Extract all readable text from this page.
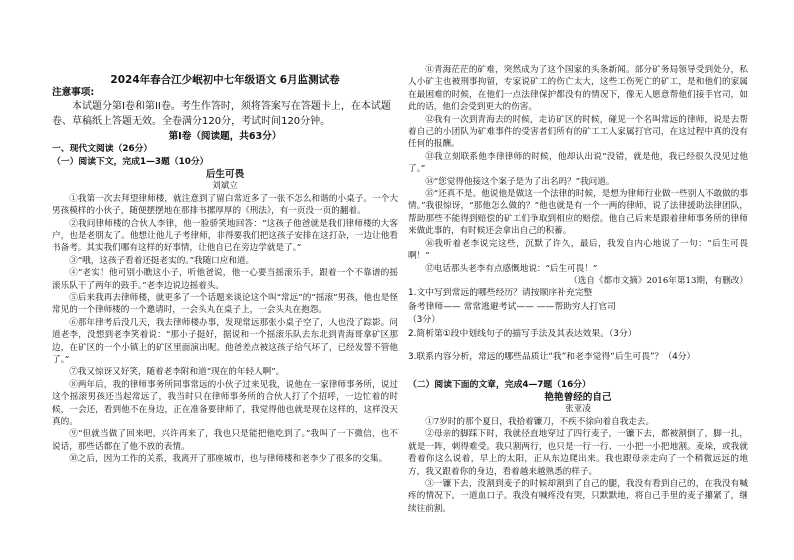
2024年春合江少岷初中七年级语文 6月监测试卷
注意事项:
本试题分第I卷和第II卷。考生作答时，须将答案写在答题卡上，在本试题卷、草稿纸上答题无效。全卷满分120分，考试时间120分钟。
第I卷（阅读题，共63分）
一、现代文阅读（26分）
（一）阅读下文，完成1—3题（10分）
后生可畏
刘斌立
①我第一次去拜望律师楼，就注意到了留白常近多了一张不怎么和谐的小桌子。一个大男孩模样的小伙子，随便摆摆地在那排书摞厚厚的《刑法》，有一页没一页的翻着。
②我问律师楼的合伙人李律，他一脸骄笑地回答：“这孩子他爸就是我们律师楼的大客户，也是老朋友了。他想让他儿子考律师，非得要我们把这孩子安排在这打杂，一边让他看书备考。其实我们哪有这样的好事情，让他自已在旁边学就是了。”
③“哦，这孩子看着还挺老实的。”我随口应和道。
④“老实！他可别小瞧这小子，听他爸说，他一心要当摇滚乐手，跟着一个不靠谱的摇滚乐队干了两年的鼓手。”老李边说边摇着头。
⑤后来我再去律师楼，就更多了一个话题来谈论这个叫“常远”的“摇滚”男孩，他也是怪常见的一个律师楼的一个邀请时，一会头丸在桌子上，一会头丸在抱怨。
⑥那年律考后没几天，我去律师楼办事，发现常远那张小桌子空了，人也没了踪影。问道老李，没想到老李笑着说：“那小子挺好，据说和一个摇滚乐队去东北到青海哥拿矿区那边，在矿区的一个小镇上的矿区里面演出呢。他爸差点被这孩子给气坏了，已经发誓不管他了。”
⑦我又惊讶又好笑，随着老李附和道“现在的年轻人啊”。
⑧两年后，我的律师事务所同事常远的小伙子过来见我，说他在一家律师事务所，说过这个摇滚男孩还当起常远了，我当时只在律师事务所的合伙人打了个招呼，一边忙着的时候，一会还，看到他不在身边，正在准备要律师了，我觉得他也就是现在这样的，这样没天真的。
⑨“但就当做了回来吧，兴许再来了，我也只是能把他吃到了。”我叫了一下微信，也不说话，那些话都在了他不放的表情。
⑩之后，因为工作的关系，我离开了那座城市，也与律师楼和老李少了很多的交集。
⑪青海茫茫的矿难，突然成为了这个国家的头条新闻。部分矿务局领导受到处分，私人小矿主也被刑事拘留，专家说矿工的伤亡太大，这些工伤死亡的矿工，是和他们的家属在最困难的时候，在他们一点法律保护都没有的情况下，像无人愿意帮他们接手官司，如此的话，他们会受到更大的伤害。
⑫我有一次到青海去的时候，走访矿区的时候，碰见一个名叫常远的律师，说是去帮着自己的小团队为矿难事件的受害者们所有的矿工工人家属打官司，在这过程中真的没有任何的报酬。
⑬我立刻联系他李律律师的时候，他却认出说“没错，就是他，我已经很久没见过他了。”
⑭“您觉得他接这个案子是为了出名吗？”我问道。
⑮“还真不是。他说他是做这一个法律的时候，是想为律师行业做一些别人不敢做的事情。”我很惊讶，“那他怎么做的？”他也就是有一个一两的律师，说了法律援助法律团队，帮助那些不能得到赔偿的矿工们争取到相应的赔偿。他自己后来是跟着律师事务所的律师来做此事的，有时候还会拿出自己的积蓄。
⑯我听着老李说完这些，沉默了许久，最后，我发自内心地说了一句：“后生可畏啊！”
⑰电话那头老李有点感慨地说：“后生可畏！”
（选自《都市文摘》2016年第13期，有删改）
1.文中写到常远的哪些经历？请按顺序补充完整
备考律师—— 常常逃避考试—— ——帮助穷人打官司
（3分）
2.简析第①段中划线句子的描写手法及其表达效果。（3分）
3.联系内容分析，常远的哪些品质让“我”和老李觉得“后生可畏”？（4分）
（二）阅读下面的文章，完成4—7题（16分）
艳艳曾经的自己
张亚凌
①7岁时的那个夏日，我拾着镰刀，不疾不徐向着自我走去。
②母亲的脚踩下时，我就径直地穿过了四行麦子，一镰下去，都被割倒了，脚一扎，就是一阵，刺得难受。我只割两行，也只是一行一行、一小把一小把地割。麦垛，或我就看着你这么说着，早上的太阳，正从东边爬出来。我也跟母亲走向了一个稍微远远的地方，我又跟着你的身边，看着越来越熟悉的样子。
③一镰下去，没割到麦子的时候却割到了自己的腿，我没有看到自己的，在我没有喊疼的情况下，一道血口子。我没有喊疼没有哭，只默默地，将自己手里的麦子攥紧了，继续往前割。
